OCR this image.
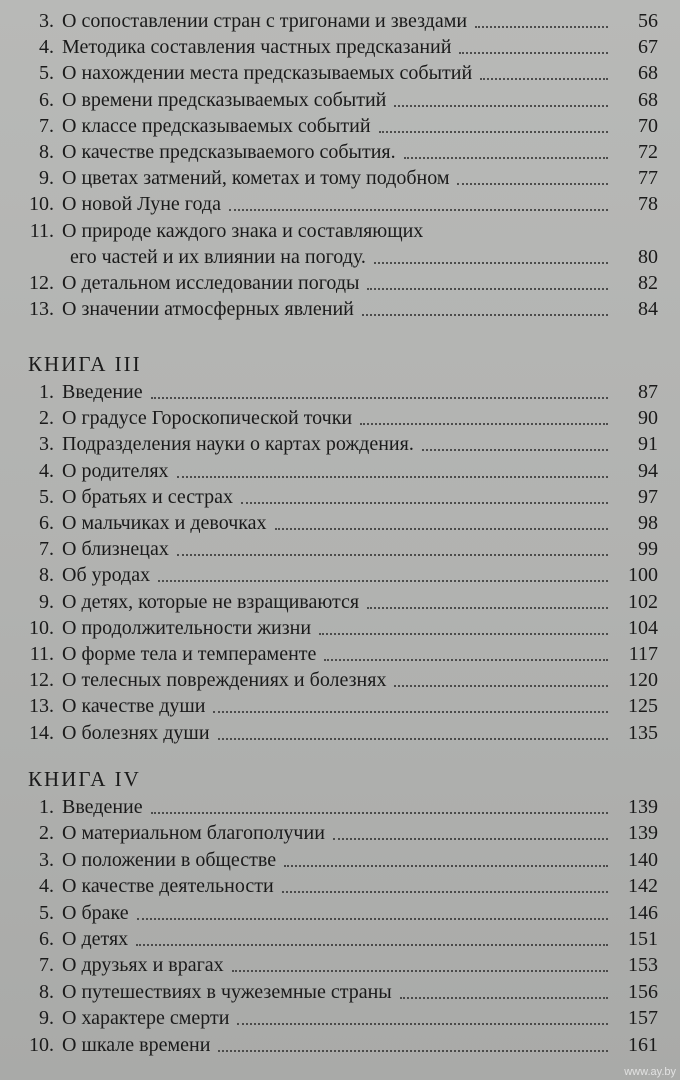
3. О сопоставлении стран с тригонами и звездами	56
4. Методика составления частных предсказаний	67
5. О нахождении места предсказываемых событий	68
6. О времени предсказываемых событий	68
7. О классе предсказываемых событий	70
8. О качестве предсказываемого события.	72
9. О цветах затмений, кометах и тому подобном	77
10. О новой Луне года	78
11. О природе каждого знака и составляющих
его частей и их влиянии на погоду.	80
12. О детальном исследовании погоды	82
13. О значении атмосферных явлений	84
1. Введение	87
2. О градусе Гороскопической точки	90
3. Подразделения науки о картах рождения.	91
4. О родителях	94
5. О братьях и сестрах	97
6. О мальчиках и девочках	98
7. О близнецах	99
8. Об уродах	100
9. О детях, которые не взращиваются	102
10. О продолжительности жизни	104
11. О форме тела и темпераменте	117
12. О телесных повреждениях и болезнях	120
13. О качестве души	125
14. О болезнях души	135
1. Введение	139
2. О материальном благополучии	139
3. О положении в обществе	140
4. О качестве деятельности	142
5. О браке	146
6. О детях	151
7. О друзьях и врагах	153
8. О путешествиях в чужеземные страны	156
9. О характере смерти	157
10. О шкале времени	161
КНИГА III
КНИГА IV
www.ay.by
